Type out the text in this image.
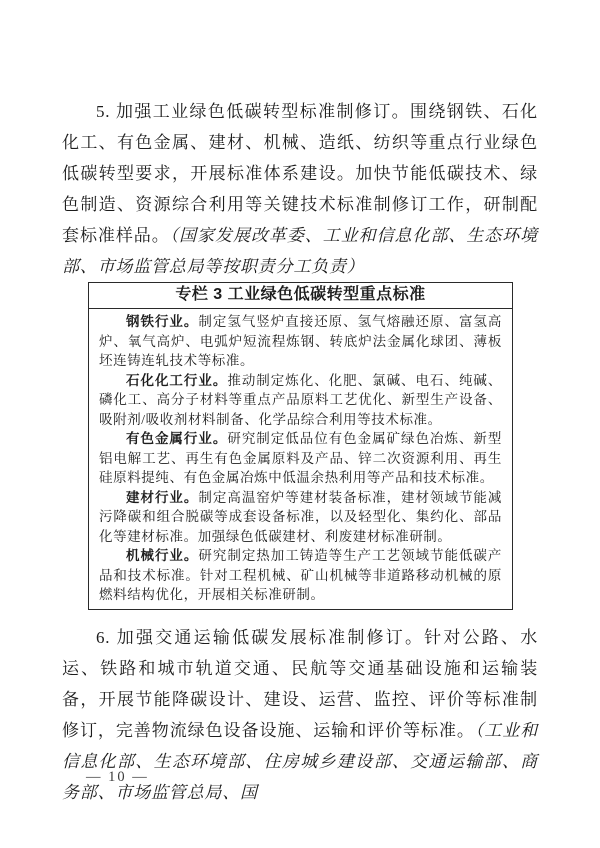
5. 加强工业绿色低碳转型标准制修订。围绕钢铁、石化化工、有色金属、建材、机械、造纸、纺织等重点行业绿色低碳转型要求，开展标准体系建设。加快节能低碳技术、绿色制造、资源综合利用等关键技术标准制修订工作，研制配套标准样品。（国家发展改革委、工业和信息化部、生态环境部、市场监管总局等按职责分工负责）

专栏 3 工业绿色低碳转型重点标准

钢铁行业。制定氢气竖炉直接还原、氢气熔融还原、富氢高炉、氧气高炉、电弧炉短流程炼钢、转底炉法金属化球团、薄板坯连铸连轧技术等标准。

石化化工行业。推动制定炼化、化肥、氯碱、电石、纯碱、磷化工、高分子材料等重点产品原料工艺优化、新型生产设备、吸附剂/吸收剂材料制备、化学品综合利用等技术标准。

有色金属行业。研究制定低品位有色金属矿绿色冶炼、新型铝电解工艺、再生有色金属原料及产品、锌二次资源利用、再生硅原料提纯、有色金属冶炼中低温余热利用等产品和技术标准。

建材行业。制定高温窑炉等建材装备标准，建材领域节能减污降碳和组合脱碳等成套设备标准，以及轻型化、集约化、部品化等建材标准。加强绿色低碳建材、利废建材标准研制。

机械行业。研究制定热加工铸造等生产工艺领域节能低碳产品和技术标准。针对工程机械、矿山机械等非道路移动机械的原燃料结构优化，开展相关标准研制。

6. 加强交通运输低碳发展标准制修订。针对公路、水运、铁路和城市轨道交通、民航等交通基础设施和运输装备，开展节能降碳设计、建设、运营、监控、评价等标准制修订，完善物流绿色设备设施、运输和评价等标准。（工业和信息化部、生态环境部、住房城乡建设部、交通运输部、商务部、市场监管总局、国

— 10 —
